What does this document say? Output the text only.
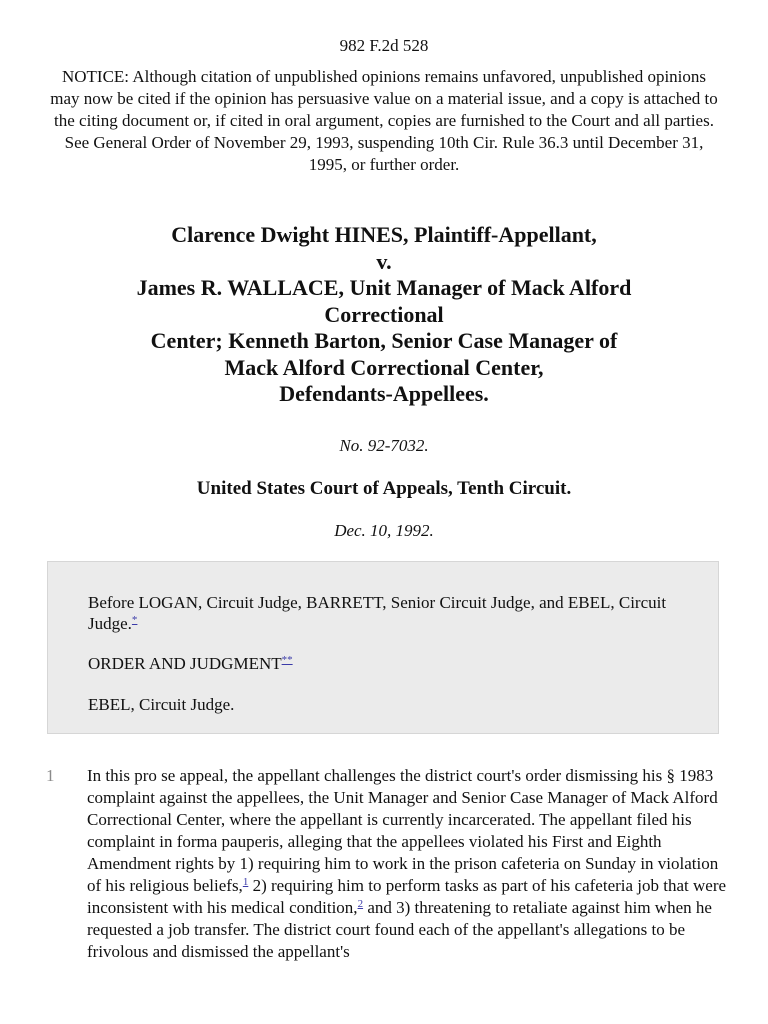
982 F.2d 528

NOTICE: Although citation of unpublished opinions remains unfavored, unpublished opinions may now be cited if the opinion has persuasive value on a material issue, and a copy is attached to the citing document or, if cited in oral argument, copies are furnished to the Court and all parties. See General Order of November 29, 1993, suspending 10th Cir. Rule 36.3 until December 31, 1995, or further order.

Clarence Dwight HINES, Plaintiff-Appellant,
v.
James R. WALLACE, Unit Manager of Mack Alford
Correctional
Center; Kenneth Barton, Senior Case Manager of
Mack Alford Correctional Center,
Defendants-Appellees.

No. 92-7032.

United States Court of Appeals, Tenth Circuit.

Dec. 10, 1992.

Before LOGAN, Circuit Judge, BARRETT, Senior Circuit Judge, and EBEL, Circuit Judge.*

ORDER AND JUDGMENT**

EBEL, Circuit Judge.

1 In this pro se appeal, the appellant challenges the district court's order dismissing his § 1983 complaint against the appellees, the Unit Manager and Senior Case Manager of Mack Alford Correctional Center, where the appellant is currently incarcerated. The appellant filed his complaint in forma pauperis, alleging that the appellees violated his First and Eighth Amendment rights by 1) requiring him to work in the prison cafeteria on Sunday in violation of his religious beliefs,$^1$ 2) requiring him to perform tasks as part of his cafeteria job that were inconsistent with his medical condition,$^2$ and 3) threatening to retaliate against him when he requested a job transfer. The district court found each of the appellant's allegations to be frivolous and dismissed the appellant's
